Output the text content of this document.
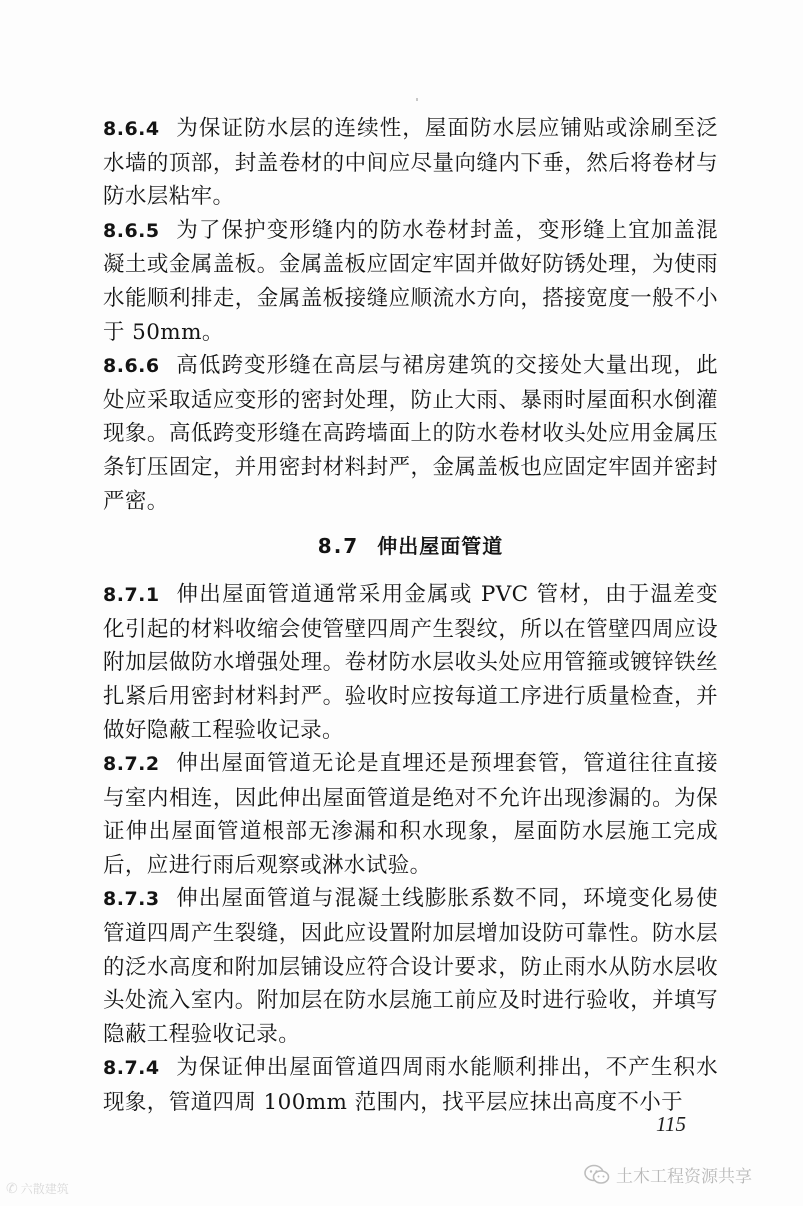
8.6.4 为保证防水层的连续性，屋面防水层应铺贴或涂刷至泛水墙的顶部，封盖卷材的中间应尽量向缝内下垂，然后将卷材与防水层粘牢。

8.6.5 为了保护变形缝内的防水卷材封盖，变形缝上宜加盖混凝土或金属盖板。金属盖板应固定牢固并做好防锈处理，为使雨水能顺利排走，金属盖板接缝应顺流水方向，搭接宽度一般不小于 50mm。

8.6.6 高低跨变形缝在高层与裙房建筑的交接处大量出现，此处应采取适应变形的密封处理，防止大雨、暴雨时屋面积水倒灌现象。高低跨变形缝在高跨墙面上的防水卷材收头处应用金属压条钉压固定，并用密封材料封严，金属盖板也应固定牢固并密封严密。

8.7 伸出屋面管道

8.7.1 伸出屋面管道通常采用金属或 PVC 管材，由于温差变化引起的材料收缩会使管壁四周产生裂纹，所以在管壁四周应设附加层做防水增强处理。卷材防水层收头处应用管箍或镀锌铁丝扎紧后用密封材料封严。验收时应按每道工序进行质量检查，并做好隐蔽工程验收记录。

8.7.2 伸出屋面管道无论是直埋还是预埋套管，管道往往直接与室内相连，因此伸出屋面管道是绝对不允许出现渗漏的。为保证伸出屋面管道根部无渗漏和积水现象，屋面防水层施工完成后，应进行雨后观察或淋水试验。

8.7.3 伸出屋面管道与混凝土线膨胀系数不同，环境变化易使管道四周产生裂缝，因此应设置附加层增加设防可靠性。防水层的泛水高度和附加层铺设应符合设计要求，防止雨水从防水层收头处流入室内。附加层在防水层施工前应及时进行验收，并填写隐蔽工程验收记录。

8.7.4 为保证伸出屋面管道四周雨水能顺利排出，不产生积水现象，管道四周 100mm 范围内，找平层应抹出高度不小于

115
✆ 六散建筑
土木工程资源共享
